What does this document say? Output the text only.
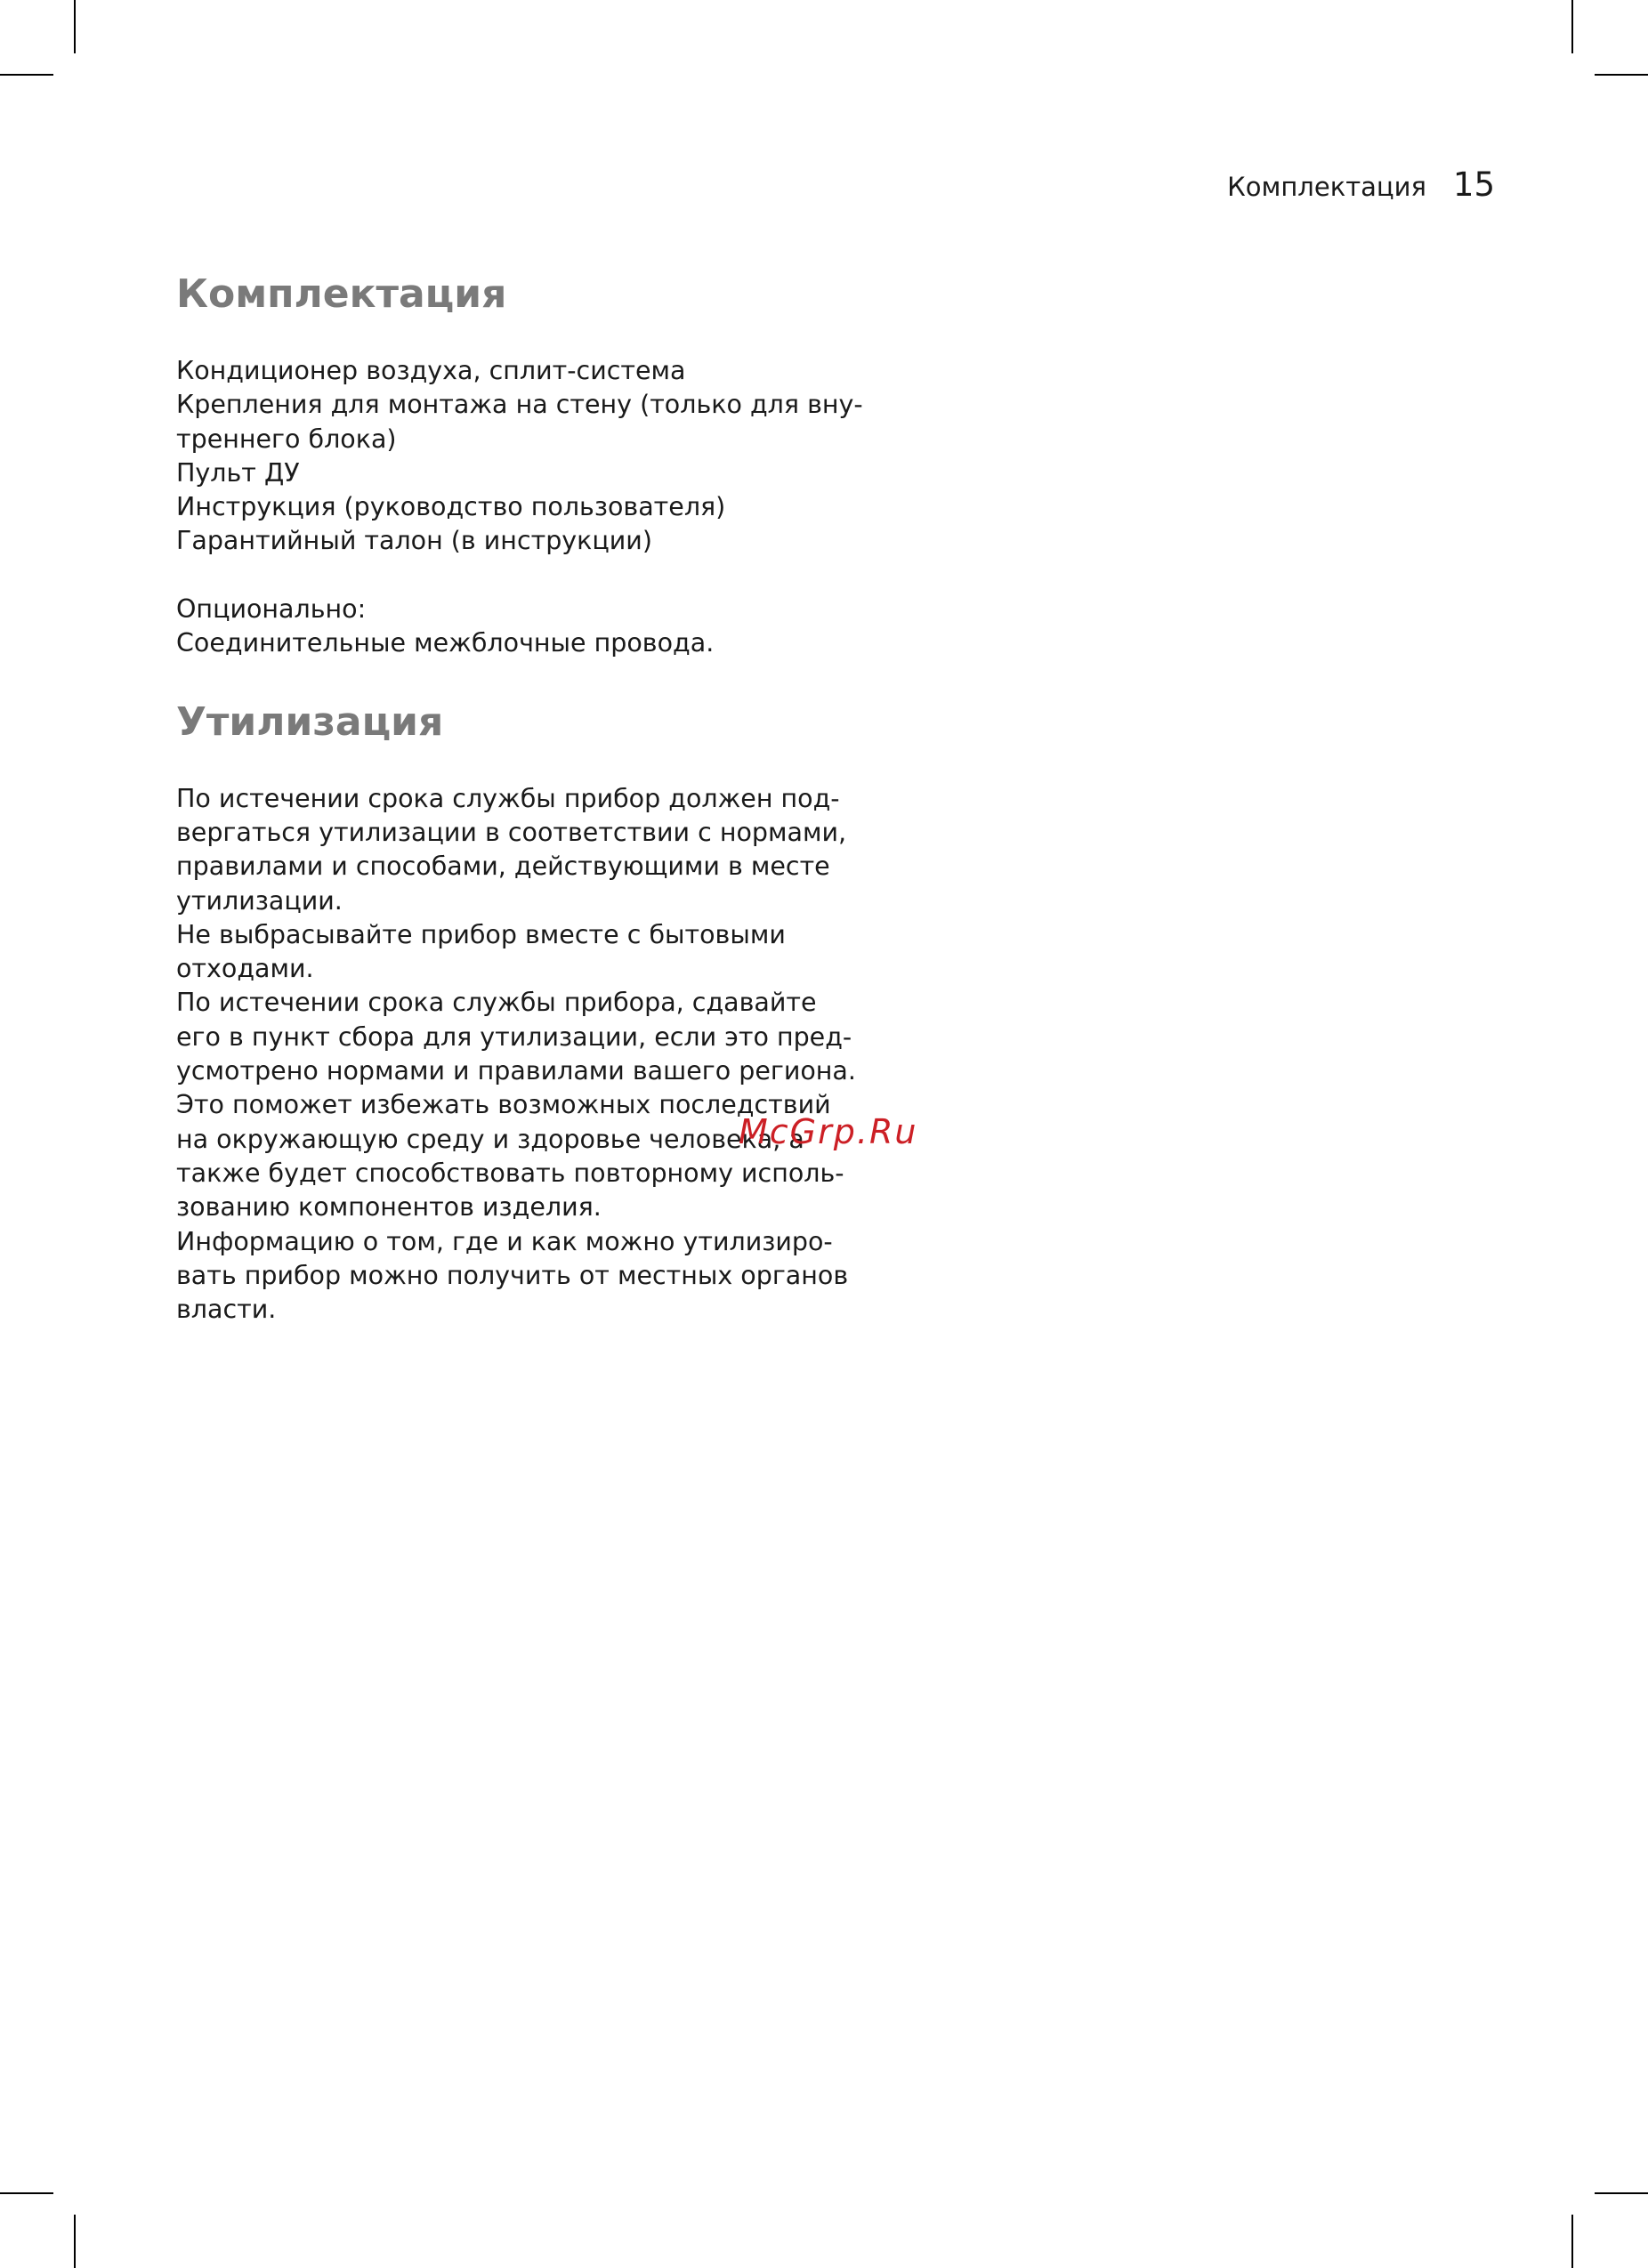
Комплектация 15
Комплектация
Кондиционер воздуха, сплит-система
Крепления для монтажа на стену (только для вну-
треннего блока)
Пульт ДУ
Инструкция (руководство пользователя)
Гарантийный талон (в инструкции)
Опционально:
Соединительные межблочные провода.
Утилизация
По истечении срока службы прибор должен под-
вергаться утилизации в соответствии с нормами,
правилами и способами, действующими в месте
утилизации.
Не выбрасывайте прибор вместе с бытовыми
отходами.
По истечении срока службы прибора, сдавайте
его в пункт сбора для утилизации, если это пред-
усмотрено нормами и правилами вашего региона.
Это поможет избежать возможных последствий
на окружающую среду и здоровье человека, а
также будет способствовать повторному исполь-
зованию компонентов изделия.
Информацию о том, где и как можно утилизиро-
вать прибор можно получить от местных органов
власти.
McGrp.Ru
